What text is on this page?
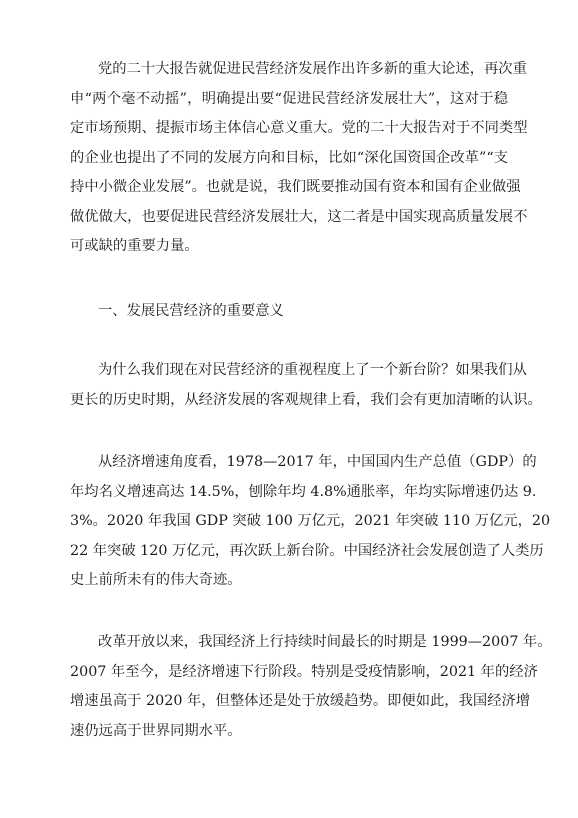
党的二十大报告就促进民营经济发展作出许多新的重大论述，再次重
申“两个毫不动摇”，明确提出要“促进民营经济发展壮大”，这对于稳
定市场预期、提振市场主体信心意义重大。党的二十大报告对于不同类型
的企业也提出了不同的发展方向和目标，比如“深化国资国企改革”“支
持中小微企业发展”。也就是说，我们既要推动国有资本和国有企业做强
做优做大，也要促进民营经济发展壮大，这二者是中国实现高质量发展不
可或缺的重要力量。
一、发展民营经济的重要意义
为什么我们现在对民营经济的重视程度上了一个新台阶？如果我们从
更长的历史时期，从经济发展的客观规律上看，我们会有更加清晰的认识。
从经济增速角度看，1978—2017 年，中国国内生产总值（GDP）的
年均名义增速高达 14.5%，刨除年均 4.8%通胀率，年均实际增速仍达 9.
3%。2020 年我国 GDP 突破 100 万亿元，2021 年突破 110 万亿元，20
22 年突破 120 万亿元，再次跃上新台阶。中国经济社会发展创造了人类历
史上前所未有的伟大奇迹。
改革开放以来，我国经济上行持续时间最长的时期是 1999—2007 年。
2007 年至今，是经济增速下行阶段。特别是受疫情影响，2021 年的经济
增速虽高于 2020 年，但整体还是处于放缓趋势。即便如此，我国经济增
速仍远高于世界同期水平。
